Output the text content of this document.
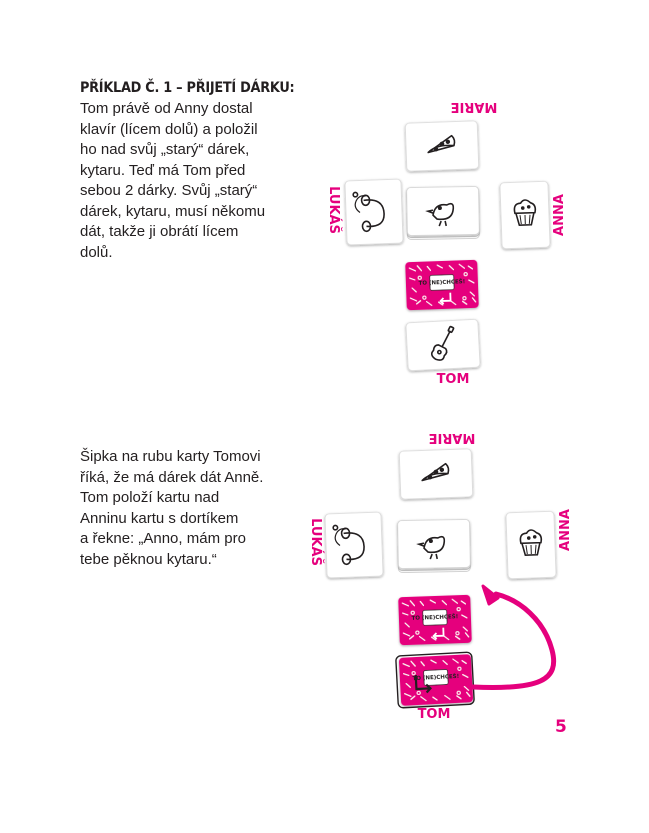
PŘÍKLAD Č. 1 – PŘIJETÍ DÁRKU:
Tom právě od Anny dostal
klavír (lícem dolů) a položil
ho nad svůj „starý“ dárek,
kytaru. Teď má Tom před
sebou 2 dárky. Svůj „starý“
dárek, kytaru, musí někomu
dát, takže ji obrátí lícem
dolů.
Šipka na rubu karty Tomovi
říká, že má dárek dát Anně.
Tom položí kartu nad
Anninu kartu s dortíkem
a řekne: „Anno, mám pro
tebe pěknou kytaru.“
MARIE
LUKÁŠ	ANNA
TO (NE)CHCEŠ!
TOM
MARIE
LUKÁŠ	ANNA
TO (NE)CHCEŠ!
TO (NE)CHCEŠ!
TOM
5
